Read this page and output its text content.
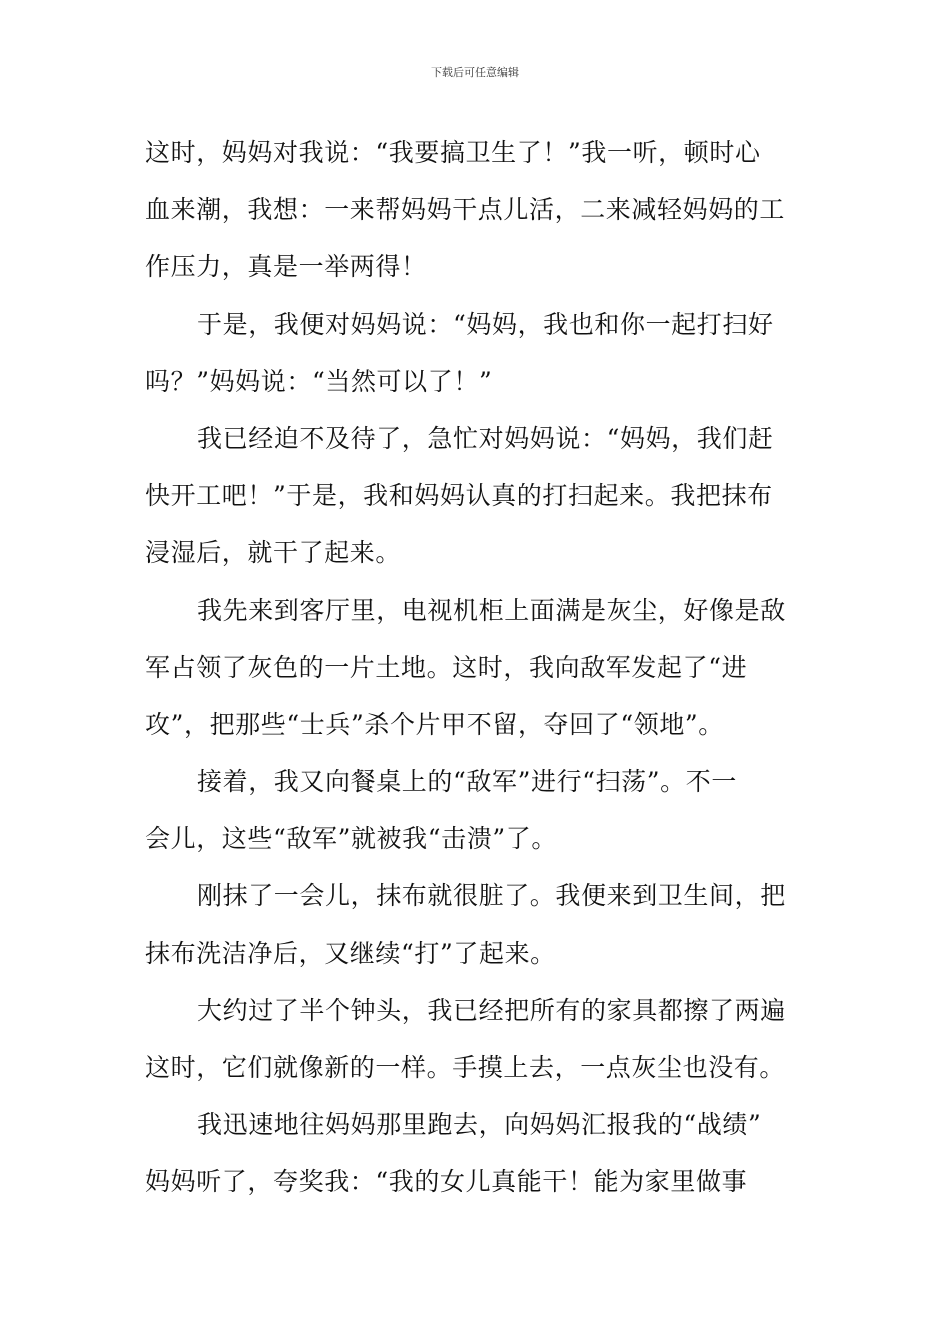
下载后可任意编辑
这时，妈妈对我说：“我要搞卫生了！”我一听，顿时心
血来潮，我想：一来帮妈妈干点儿活，二来减轻妈妈的工
作压力，真是一举两得！
于是，我便对妈妈说：“妈妈，我也和你一起打扫好
吗？”妈妈说：“当然可以了！”
我已经迫不及待了，急忙对妈妈说：“妈妈，我们赶
快开工吧！”于是，我和妈妈认真的打扫起来。我把抹布
浸湿后，就干了起来。
我先来到客厅里，电视机柜上面满是灰尘，好像是敌
军占领了灰色的一片土地。这时，我向敌军发起了“进
攻”，把那些“士兵”杀个片甲不留，夺回了“领地”。
接着，我又向餐桌上的“敌军”进行“扫荡”。不一
会儿，这些“敌军”就被我“击溃”了。
刚抹了一会儿，抹布就很脏了。我便来到卫生间，把
抹布洗洁净后，又继续“打”了起来。
大约过了半个钟头，我已经把所有的家具都擦了两遍
这时，它们就像新的一样。手摸上去，一点灰尘也没有。
我迅速地往妈妈那里跑去，向妈妈汇报我的“战绩”
妈妈听了，夸奖我：“我的女儿真能干！能为家里做事
